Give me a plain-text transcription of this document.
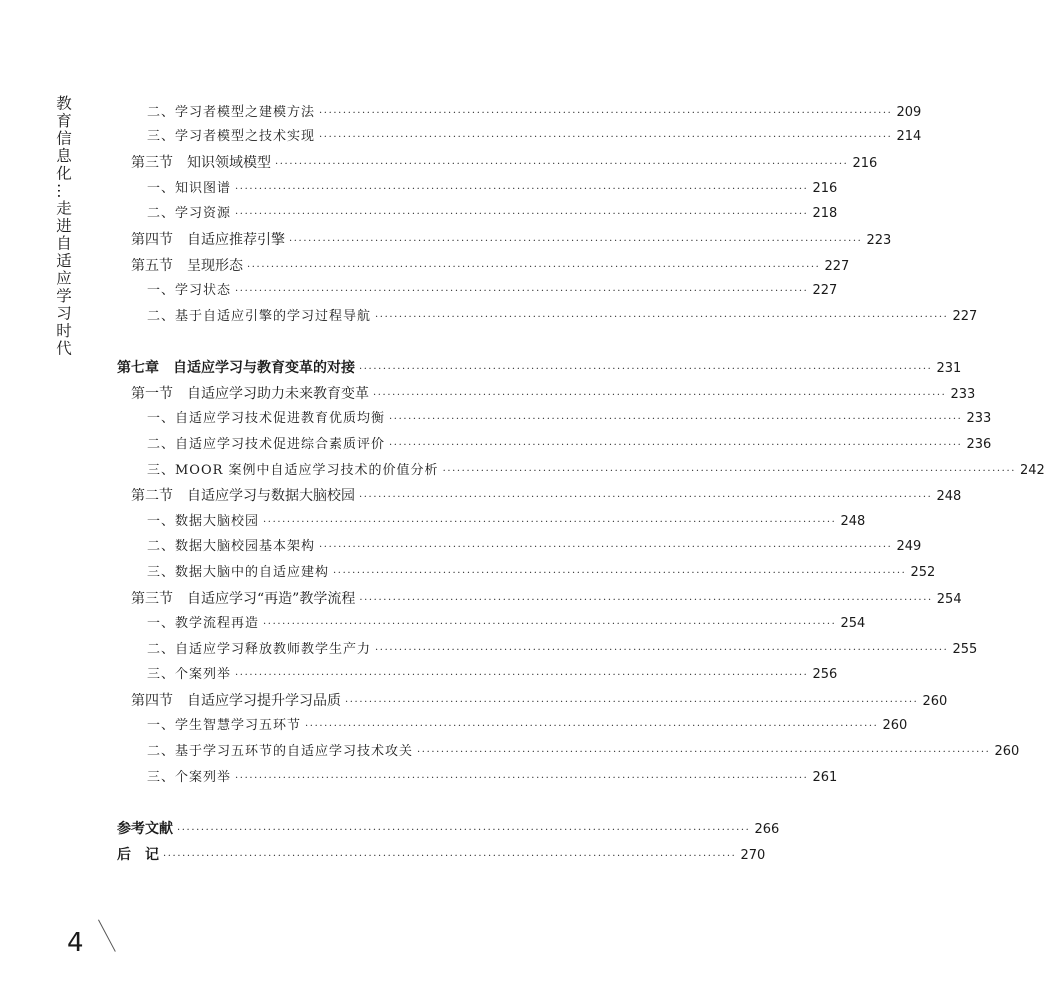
教育信息化…走进自适应学习时代
二、学习者模型之建模方法 ························································································································ 209
三、学习者模型之技术实现 ························································································································ 214
第三节　知识领域模型 ························································································································ 216
一、知识图谱 ························································································································ 216
二、学习资源 ························································································································ 218
第四节　自适应推荐引擎 ························································································································ 223
第五节　呈现形态 ························································································································ 227
一、学习状态 ························································································································ 227
二、基于自适应引擎的学习过程导航 ························································································································ 227
第七章　自适应学习与教育变革的对接 ························································································································ 231
第一节　自适应学习助力未来教育变革 ························································································································ 233
一、自适应学习技术促进教育优质均衡 ························································································································ 233
二、自适应学习技术促进综合素质评价 ························································································································ 236
三、MOOR 案例中自适应学习技术的价值分析 ························································································································ 242
第二节　自适应学习与数据大脑校园 ························································································································ 248
一、数据大脑校园 ························································································································ 248
二、数据大脑校园基本架构 ························································································································ 249
三、数据大脑中的自适应建构 ························································································································ 252
第三节　自适应学习“再造”教学流程 ························································································································ 254
一、教学流程再造 ························································································································ 254
二、自适应学习释放教师教学生产力 ························································································································ 255
三、个案列举 ························································································································ 256
第四节　自适应学习提升学习品质 ························································································································ 260
一、学生智慧学习五环节 ························································································································ 260
二、基于学习五环节的自适应学习技术攻关 ························································································································ 260
三、个案列举 ························································································································ 261
参考文献 ························································································································ 266
后　记 ························································································································ 270
4
